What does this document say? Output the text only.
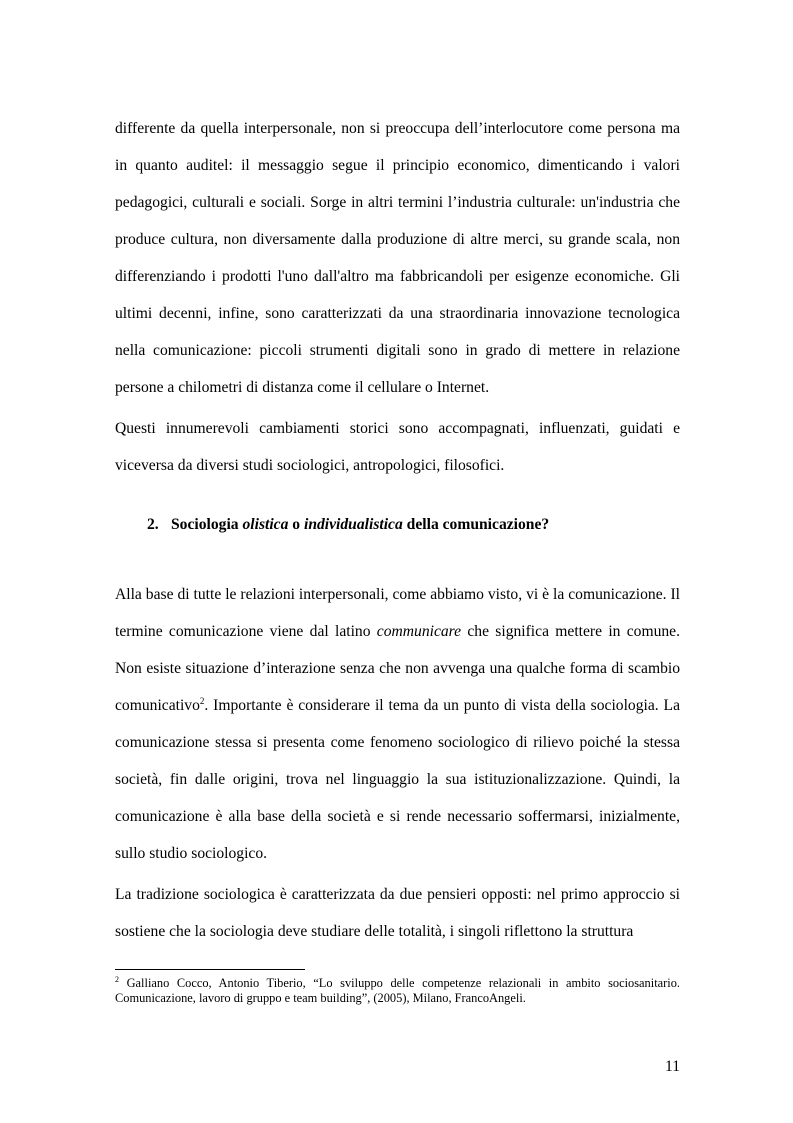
differente da quella interpersonale, non si preoccupa dell’interlocutore come persona ma in quanto auditel: il messaggio segue il principio economico, dimenticando i valori pedagogici, culturali e sociali. Sorge in altri termini l’industria culturale: un'industria che produce cultura, non diversamente dalla produzione di altre merci, su grande scala, non differenziando i prodotti l'uno dall'altro ma fabbricandoli per esigenze economiche. Gli ultimi decenni, infine, sono caratterizzati da una straordinaria innovazione tecnologica nella comunicazione: piccoli strumenti digitali sono in grado di mettere in relazione persone a chilometri di distanza come il cellulare o Internet.

Questi innumerevoli cambiamenti storici sono accompagnati, influenzati, guidati e viceversa da diversi studi sociologici, antropologici, filosofici.

2. Sociologia olistica o individualistica della comunicazione?

Alla base di tutte le relazioni interpersonali, come abbiamo visto, vi è la comunicazione. Il termine comunicazione viene dal latino communicare che significa mettere in comune. Non esiste situazione d’interazione senza che non avvenga una qualche forma di scambio comunicativo$^2$. Importante è considerare il tema da un punto di vista della sociologia. La comunicazione stessa si presenta come fenomeno sociologico di rilievo poiché la stessa società, fin dalle origini, trova nel linguaggio la sua istituzionalizzazione. Quindi, la comunicazione è alla base della società e si rende necessario soffermarsi, inizialmente, sullo studio sociologico.

La tradizione sociologica è caratterizzata da due pensieri opposti: nel primo approccio si sostiene che la sociologia deve studiare delle totalità, i singoli riflettono la struttura

$^2$ Galliano Cocco, Antonio Tiberio, “Lo sviluppo delle competenze relazionali in ambito sociosanitario. Comunicazione, lavoro di gruppo e team building”, (2005), Milano, FrancoAngeli.

11
